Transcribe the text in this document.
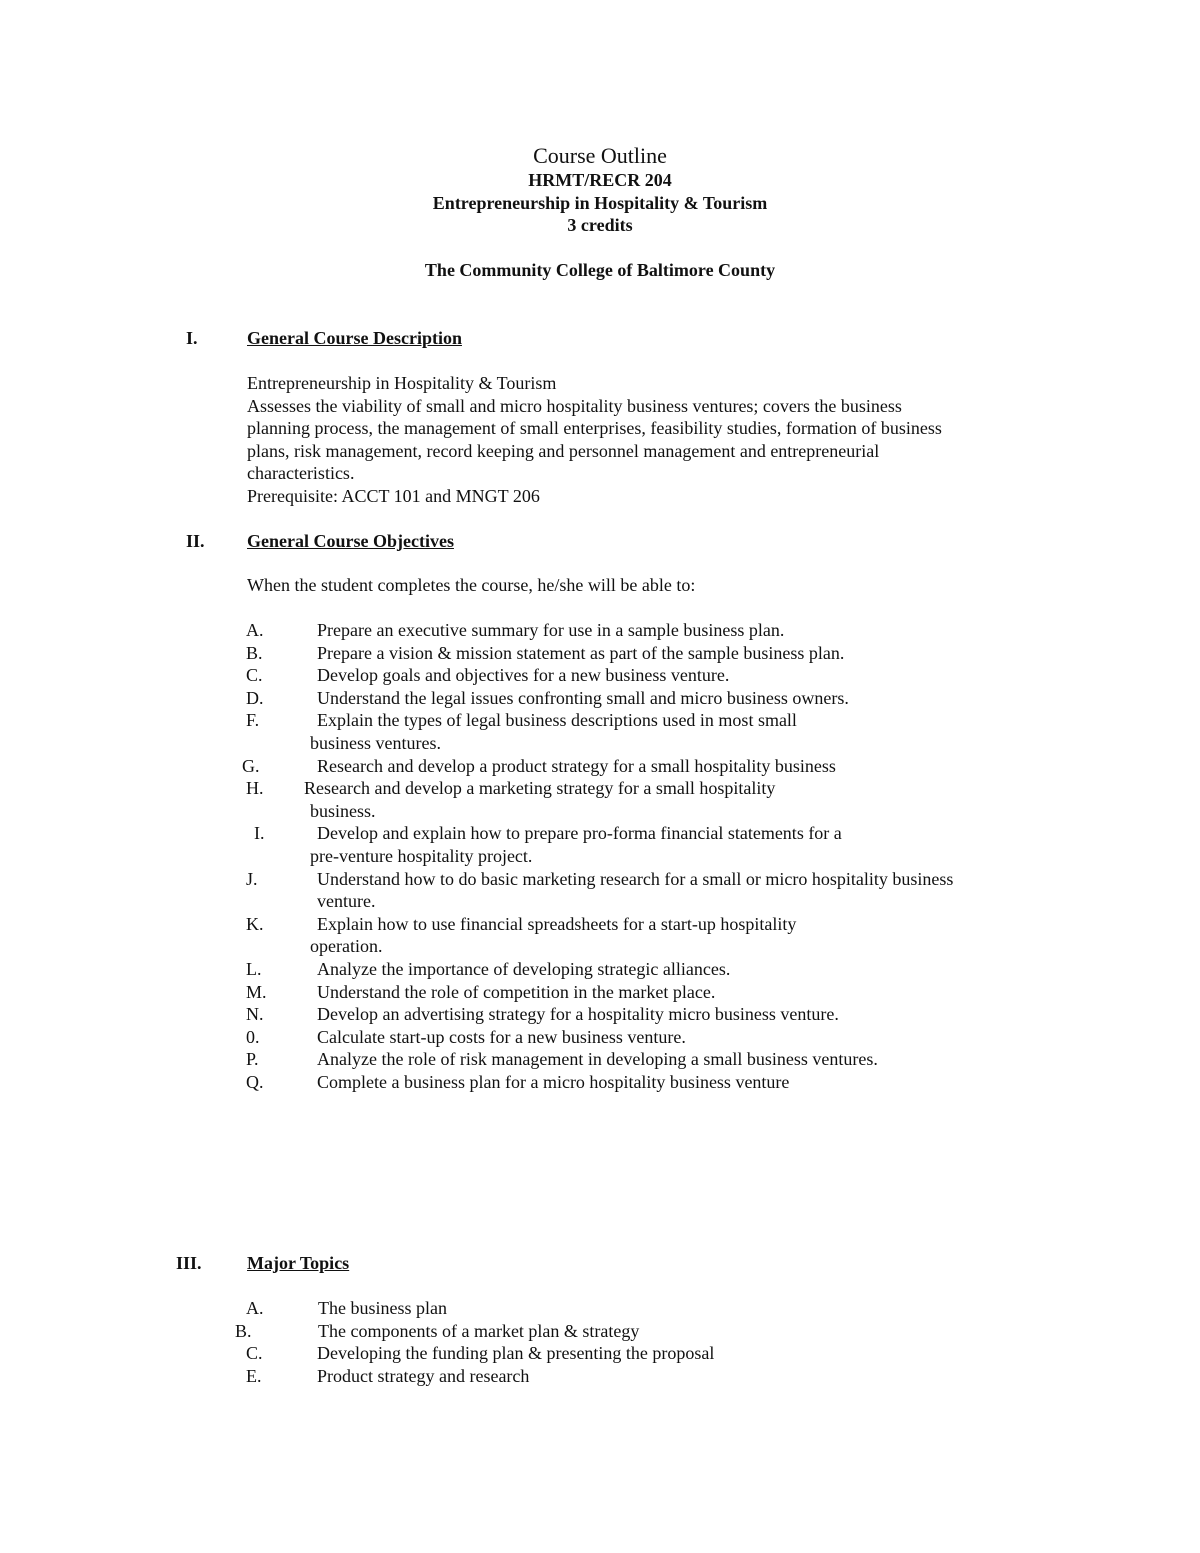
Course Outline
HRMT/RECR 204
Entrepreneurship in Hospitality & Tourism
3 credits
The Community College of Baltimore County
I.	General Course Description
Entrepreneurship in Hospitality & Tourism
Assesses the viability of small and micro hospitality business ventures; covers the business
planning process, the management of small enterprises, feasibility studies, formation of business
plans, risk management, record keeping and personnel management and entrepreneurial
characteristics.
Prerequisite: ACCT 101 and MNGT 206
II. General Course Objectives
When the student completes the course, he/she will be able to:
A.	Prepare an executive summary for use in a sample business plan.
B.	Prepare a vision & mission statement as part of the sample business plan.
C.	Develop goals and objectives for a new business venture.
D.	Understand the legal issues confronting small and micro business owners.
F.	Explain the types of legal business descriptions used in most small
business ventures.
G.	Research and develop a product strategy for a small hospitality business
H. Research and develop a marketing strategy for a small hospitality
business.
I.	Develop and explain how to prepare pro-forma financial statements for a
pre-venture hospitality project.
J.	Understand how to do basic marketing research for a small or micro hospitality business
venture.
K.	Explain how to use financial spreadsheets for a start-up hospitality
operation.
L.	Analyze the importance of developing strategic alliances.
M.	Understand the role of competition in the market place.
N.	Develop an advertising strategy for a hospitality micro business venture.
0.	Calculate start-up costs for a new business venture.
P.	Analyze the role of risk management in developing a small business ventures.
Q.	Complete a business plan for a micro hospitality business venture
III.	Major Topics
A.	The business plan
B.	The components of a market plan & strategy
C.	Developing the funding plan & presenting the proposal
E.	Product strategy and research
